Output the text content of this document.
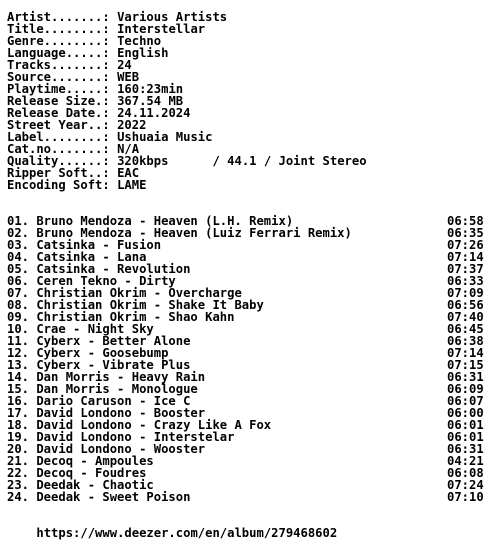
Artist.......: Various Artists
Title........: Interstellar
Genre........: Techno
Language.....: English
Tracks.......: 24
Source.......: WEB
Playtime.....: 160:23min
Release Size.: 367.54 MB
Release Date.: 24.11.2024
Street Year..: 2022
Label........: Ushuaia Music
Cat.no.......: N/A
Quality......: 320kbps      / 44.1 / Joint Stereo
Ripper Soft..: EAC
Encoding Soft: LAME
01. Bruno Mendoza - Heaven (L.H. Remix)	06:58
02. Bruno Mendoza - Heaven (Luiz Ferrari Remix)	06:35
03. Catsinka - Fusion	07:26
04. Catsinka - Lana	07:14
05. Catsinka - Revolution	07:37
06. Ceren Tekno - Dirty	06:33
07. Christian Okrim - Overcharge	07:09
08. Christian Okrim - Shake It Baby	06:56
09. Christian Okrim - Shao Kahn	07:40
10. Crae - Night Sky	06:45
11. Cyberx - Better Alone	06:38
12. Cyberx - Goosebump	07:14
13. Cyberx - Vibrate Plus	07:15
14. Dan Morris - Heavy Rain	06:31
15. Dan Morris - Monologue	06:09
16. Dario Caruson - Ice C	06:07
17. David Londono - Booster	06:00
18. David Londono - Crazy Like A Fox	06:01
19. David Londono - Interstelar	06:01
20. David Londono - Wooster	06:31
21. Decoq - Ampoules	04:21
22. Decoq - Foudres	06:08
23. Deedak - Chaotic	07:24
24. Deedak - Sweet Poison	07:10

https://www.deezer.com/en/album/279468602
